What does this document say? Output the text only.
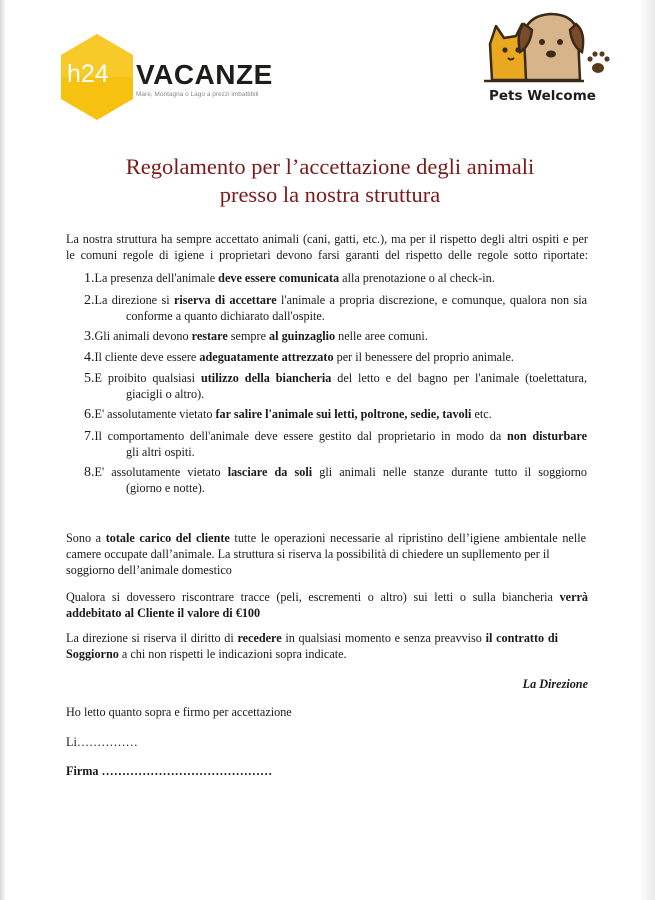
h24 VACANZE
Mare, Montagna o Lago a prezzi imbattibili	Pets Welcome
Regolamento per l’accettazione degli animali
presso la nostra struttura
La nostra struttura ha sempre accettato animali (cani, gatti, etc.), ma per il rispetto degli altri ospiti e per
le comuni regole di igiene i proprietari devono farsi garanti del rispetto delle regole sotto riportate:
1.La presenza dell'animale deve essere comunicata alla prenotazione o al check-in.
2.La direzione si riserva di accettare l'animale a propria discrezione, e comunque, qualora non sia
conforme a quanto dichiarato dall'ospite.
3.Gli animali devono restare sempre al guinzaglio nelle aree comuni.
4.Il cliente deve essere adeguatamente attrezzato per il benessere del proprio animale.
5.E proibito qualsiasi utilizzo della biancheria del letto e del bagno per l'animale (toelettatura,
giacigli o altro).
6.E' assolutamente vietato far salire l'animale sui letti, poltrone, sedie, tavoli etc.
7.Il comportamento dell'animale deve essere gestito dal proprietario in modo da non disturbare
gli altri ospiti.
8.E' assolutamente vietato lasciare da soli gli animali nelle stanze durante tutto il soggiorno
(giorno e notte).
Sono a totale carico del cliente tutte le operazioni necessarie al ripristino dell’igiene ambientale nelle
camere occupate dall’animale. La struttura si riserva la possibilità di chiedere un supllemento per il
soggiorno dell’animale domestico
Qualora si dovessero riscontrare tracce (peli, escrementi o altro) sui letti o sulla biancheria verrà
addebitato al Cliente il valore di €100
La direzione si riserva il diritto di recedere in qualsiasi momento e senza preavviso il contratto di
Soggiorno a chi non rispetti le indicazioni sopra indicate.
La Direzione
Ho letto quanto sopra e firmo per accettazione
Li……………
Firma ……………………………………
